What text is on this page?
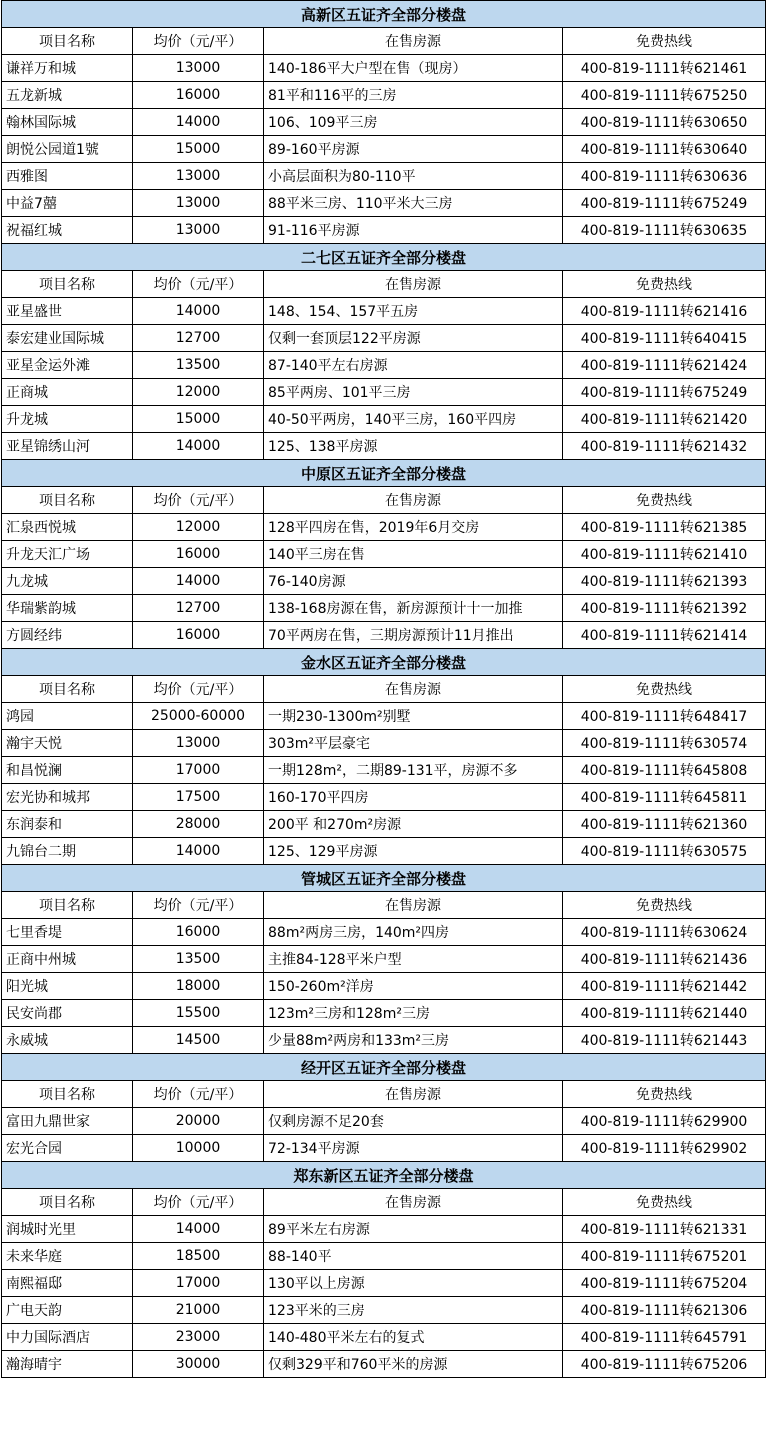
高新区五证齐全部分楼盘			
项目名称	均价（元/平）	在售房源	免费热线
谦祥万和城	13000	140-186平大户型在售（现房）	400-819-1111转621461
五龙新城	16000	81平和116平的三房	400-819-1111转675250
翰林国际城	14000	106、109平三房	400-819-1111转630650
朗悦公园道1號	15000	89-160平房源	400-819-1111转630640
西雅图	13000	小高层面积为80-110平	400-819-1111转630636
中益7囍	13000	88平米三房、110平米大三房	400-819-1111转675249
祝福红城	13000	91-116平房源	400-819-1111转630635
二七区五证齐全部分楼盘			
项目名称	均价（元/平）	在售房源	免费热线
亚星盛世	14000	148、154、157平五房	400-819-1111转621416
泰宏建业国际城	12700	仅剩一套顶层122平房源	400-819-1111转640415
亚星金运外滩	13500	87-140平左右房源	400-819-1111转621424
正商城	12000	85平两房、101平三房	400-819-1111转675249
升龙城	15000	40-50平两房，140平三房，160平四房	400-819-1111转621420
亚星锦绣山河	14000	125、138平房源	400-819-1111转621432
中原区五证齐全部分楼盘			
项目名称	均价（元/平）	在售房源	免费热线
汇泉西悦城	12000	128平四房在售，2019年6月交房	400-819-1111转621385
升龙天汇广场	16000	140平三房在售	400-819-1111转621410
九龙城	14000	76-140房源	400-819-1111转621393
华瑞紫韵城	12700	138-168房源在售，新房源预计十一加推	400-819-1111转621392
方圆经纬	16000	70平两房在售，三期房源预计11月推出	400-819-1111转621414
金水区五证齐全部分楼盘			
项目名称	均价（元/平）	在售房源	免费热线
鸿园	25000-60000	一期230-1300m²别墅	400-819-1111转648417
瀚宇天悦	13000	303m²平层豪宅	400-819-1111转630574
和昌悦澜	17000	一期128m²，二期89-131平，房源不多	400-819-1111转645808
宏光协和城邦	17500	160-170平四房	400-819-1111转645811
东润泰和	28000	200平 和270m²房源	400-819-1111转621360
九锦台二期	14000	125、129平房源	400-819-1111转630575
管城区五证齐全部分楼盘			
项目名称	均价（元/平）	在售房源	免费热线
七里香堤	16000	88m²两房三房，140m²四房	400-819-1111转630624
正商中州城	13500	主推84-128平米户型	400-819-1111转621436
阳光城	18000	150-260m²洋房	400-819-1111转621442
民安尚郡	15500	123m²三房和128m²三房	400-819-1111转621440
永威城	14500	少量88m²两房和133m²三房	400-819-1111转621443
经开区五证齐全部分楼盘			
项目名称	均价（元/平）	在售房源	免费热线
富田九鼎世家	20000	仅剩房源不足20套	400-819-1111转629900
宏光合园	10000	72-134平房源	400-819-1111转629902
郑东新区五证齐全部分楼盘			
项目名称	均价（元/平）	在售房源	免费热线
润城时光里	14000	89平米左右房源	400-819-1111转621331
未来华庭	18500	88-140平	400-819-1111转675201
南熙福邸	17000	130平以上房源	400-819-1111转675204
广电天韵	21000	123平米的三房	400-819-1111转621306
中力国际酒店	23000	140-480平米左右的复式	400-819-1111转645791
瀚海晴宇	30000	仅剩329平和760平米的房源	400-819-1111转675206
